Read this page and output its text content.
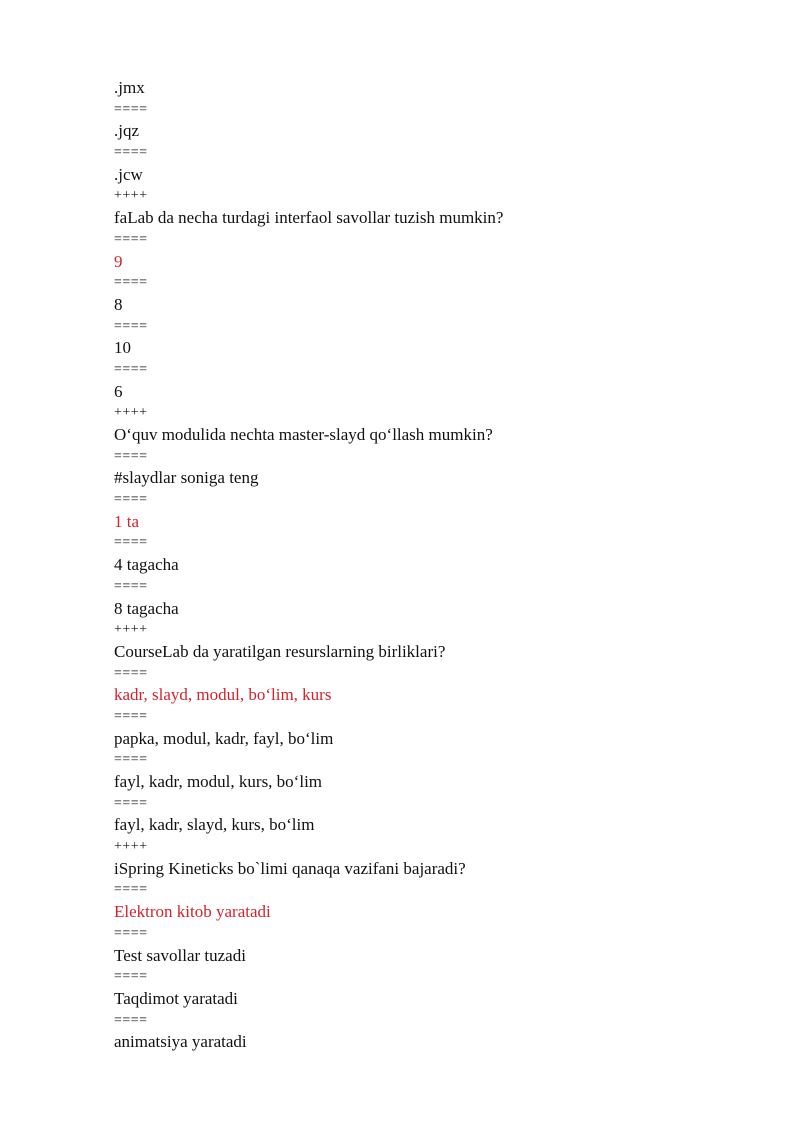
.jmx
====
.jqz
====
.jcw
++++
faLab da necha turdagi interfaol savollar tuzish mumkin?
====
9
====
8
====
10
====
6
++++
O‘quv modulida nechta master-slayd qo‘llash mumkin?
====
#slaydlar soniga teng
====
1 ta
====
4 tagacha
====
8 tagacha
++++
CourseLab da yaratilgan resurslarning birliklari?
====
kadr, slayd, modul, bo‘lim, kurs
====
papka, modul, kadr, fayl, bo‘lim
====
fayl, kadr, modul, kurs, bo‘lim
====
fayl, kadr, slayd, kurs, bo‘lim
++++
iSpring Kineticks bo`limi qanaqa vazifani bajaradi?
====
Elektron kitob yaratadi
====
Test savollar tuzadi
====
Taqdimot yaratadi
====
animatsiya yaratadi
